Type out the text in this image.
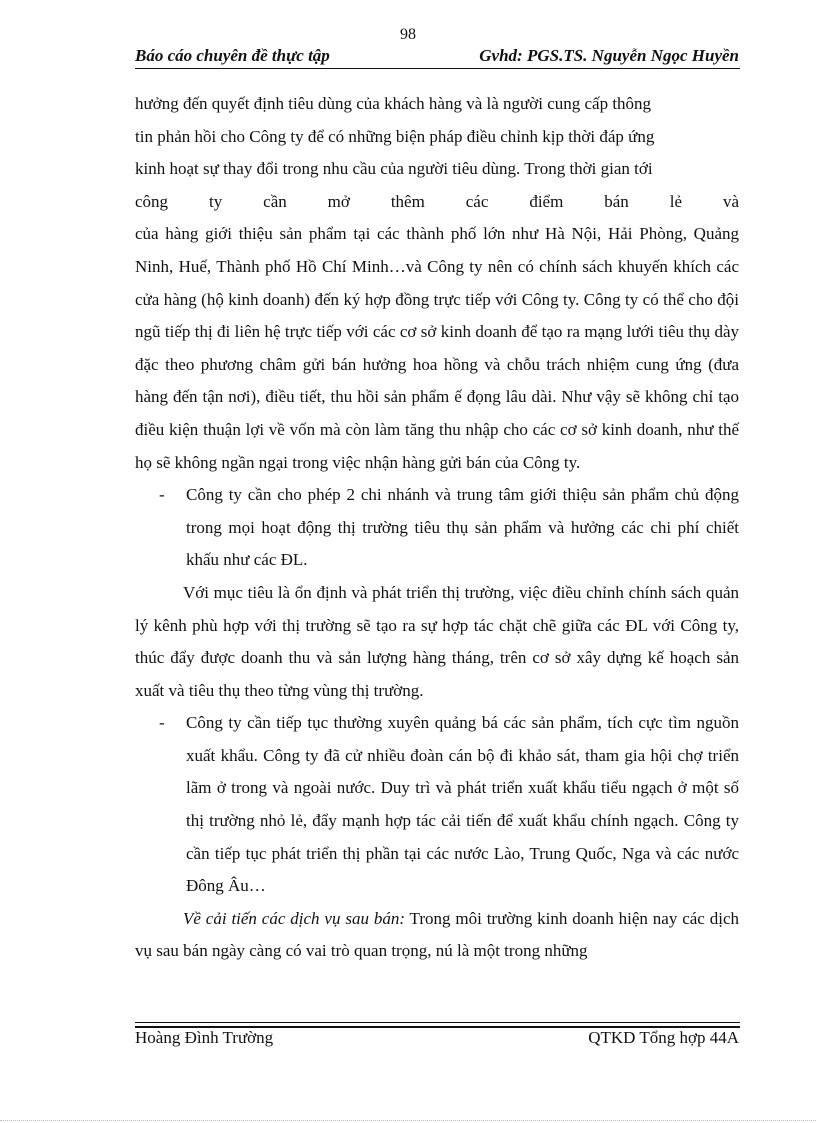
98
Báo cáo chuyên đề thực tập	Gvhd: PGS.TS. Nguyễn Ngọc Huyền

hưởng đến quyết định tiêu dùng của khách hàng và là người cung cấp thông

tin phản hồi cho Công ty để có những biện pháp điều chỉnh kịp thời đáp ứng

kinh hoạt sự thay đổi trong nhu cầu của người tiêu dùng. Trong thời gian tới

công ty cần mở thêm các điểm bán lẻ và

của hàng giới thiệu sản phẩm tại các thành phố lớn như Hà Nội, Hải Phòng, Quảng Ninh, Huế, Thành phố Hồ Chí Minh…và Công ty nên có chính sách khuyến khích các cửa hàng (hộ kinh doanh) đến ký hợp đồng trực tiếp với Công ty. Công ty có thể cho đội ngũ tiếp thị đi liên hệ trực tiếp với các cơ sở kinh doanh để tạo ra mạng lưới tiêu thụ dày đặc theo phương châm gửi bán hưởng hoa hồng và chỗu trách nhiệm cung ứng (đưa hàng đến tận nơi), điều tiết, thu hồi sản phẩm ế đọng lâu dài. Như vậy sẽ không chỉ tạo điều kiện thuận lợi về vốn mà còn làm tăng thu nhập cho các cơ sở kinh doanh, như thế họ sẽ không ngần ngại trong việc nhận hàng gửi bán của Công ty.

- Công ty cần cho phép 2 chi nhánh và trung tâm giới thiệu sản phẩm chủ động trong mọi hoạt động thị trường tiêu thụ sản phẩm và hưởng các chi phí chiết khấu như các ĐL.

Với mục tiêu là ổn định và phát triển thị trường, việc điều chỉnh chính sách quản lý kênh phù hợp với thị trường sẽ tạo ra sự hợp tác chặt chẽ giữa các ĐL với Công ty, thúc đẩy được doanh thu và sản lượng hàng tháng, trên cơ sở xây dựng kế hoạch sản xuất và tiêu thụ theo từng vùng thị trường.

- Công ty cần tiếp tục thường xuyên quảng bá các sản phẩm, tích cực tìm nguồn xuất khẩu. Công ty đã cử nhiều đoàn cán bộ đi khảo sát, tham gia hội chợ triển lãm ở trong và ngoài nước. Duy trì và phát triển xuất khẩu tiểu ngạch ở một số thị trường nhỏ lẻ, đẩy mạnh hợp tác cải tiến để xuất khẩu chính ngạch. Công ty cần tiếp tục phát triển thị phần tại các nước Lào, Trung Quốc, Nga và các nước Đông Âu…

Về cải tiến các dịch vụ sau bán: Trong môi trường kinh doanh hiện nay các dịch vụ sau bán ngày càng có vai trò quan trọng, nú là một trong những

Hoàng Đình Trường	QTKD Tổng hợp 44A
